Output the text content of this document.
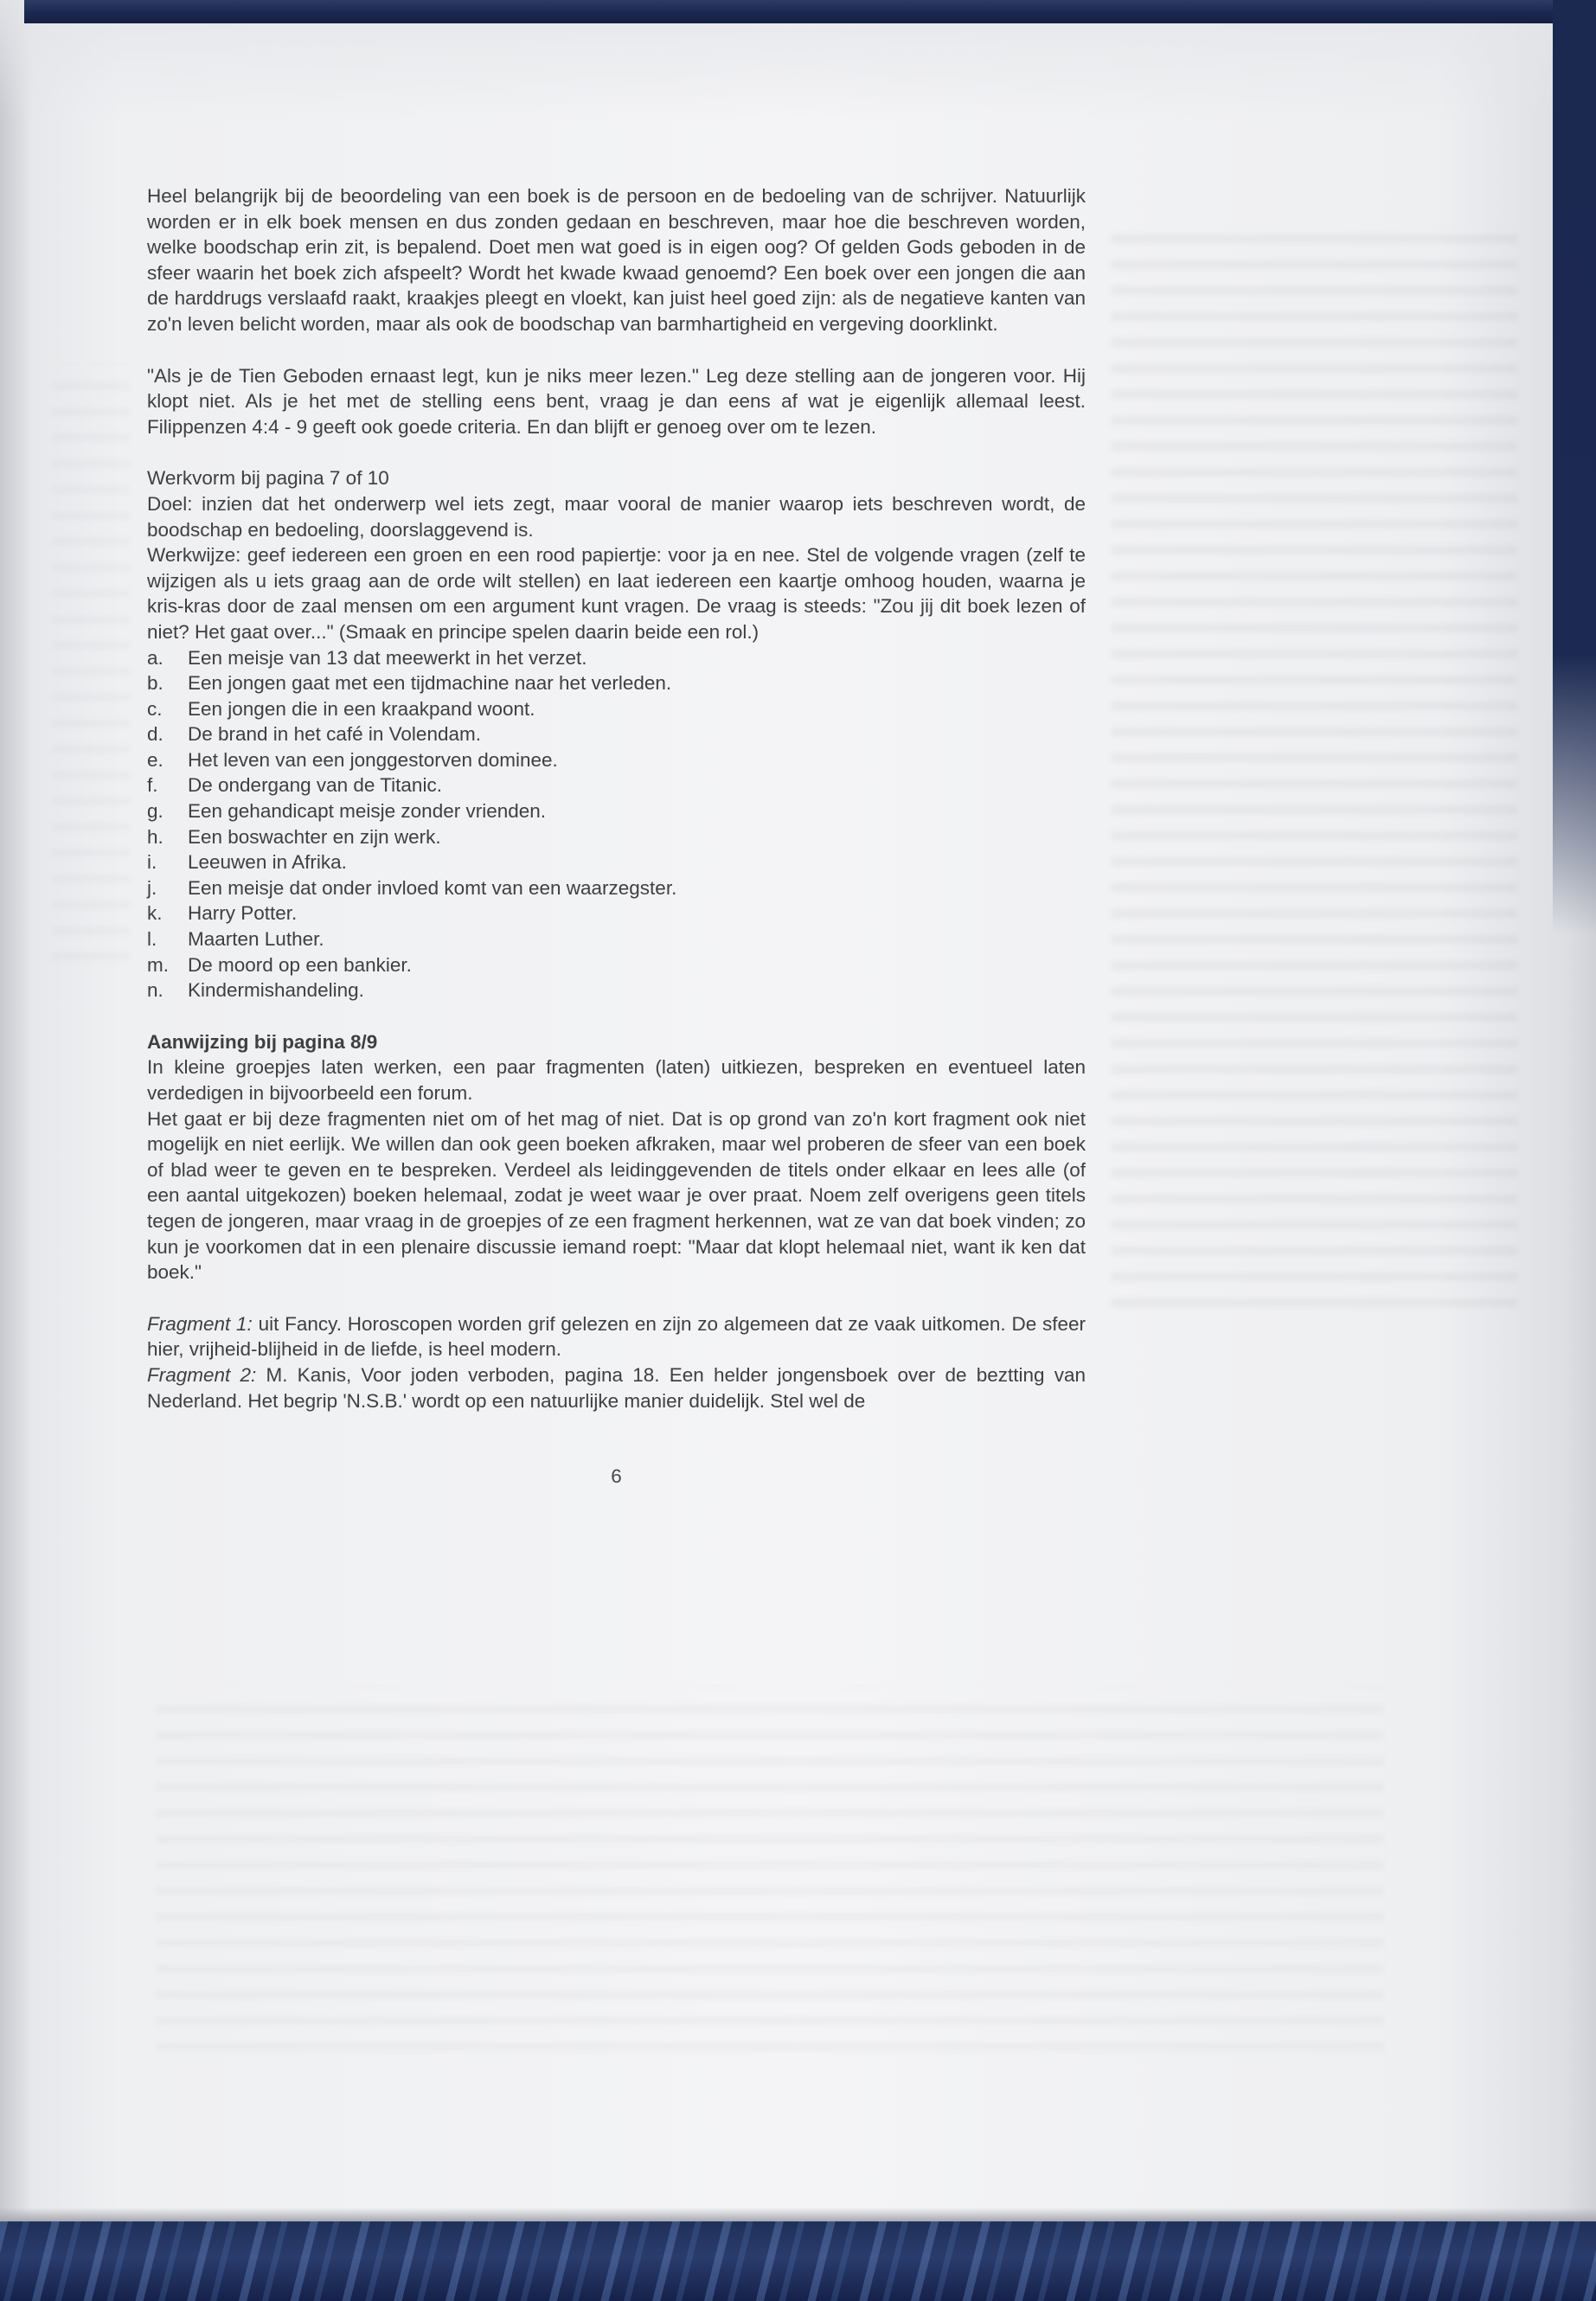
Heel belangrijk bij de beoordeling van een boek is de persoon en de bedoeling van de schrijver. Natuurlijk worden er in elk boek mensen en dus zonden gedaan en beschreven, maar hoe die beschreven worden, welke boodschap erin zit, is bepalend. Doet men wat goed is in eigen oog? Of gelden Gods geboden in de sfeer waarin het boek zich afspeelt? Wordt het kwade kwaad genoemd? Een boek over een jongen die aan de harddrugs verslaafd raakt, kraakjes pleegt en vloekt, kan juist heel goed zijn: als de negatieve kanten van zo'n leven belicht worden, maar als ook de boodschap van barmhartigheid en vergeving doorklinkt.

"Als je de Tien Geboden ernaast legt, kun je niks meer lezen." Leg deze stelling aan de jongeren voor. Hij klopt niet. Als je het met de stelling eens bent, vraag je dan eens af wat je eigenlijk allemaal leest. Filippenzen 4:4 - 9 geeft ook goede criteria. En dan blijft er genoeg over om te lezen.

Werkvorm bij pagina 7 of 10

Doel: inzien dat het onderwerp wel iets zegt, maar vooral de manier waarop iets beschreven wordt, de boodschap en bedoeling, doorslaggevend is.

Werkwijze: geef iedereen een groen en een rood papiertje: voor ja en nee. Stel de volgende vragen (zelf te wijzigen als u iets graag aan de orde wilt stellen) en laat iedereen een kaartje omhoog houden, waarna je kris-kras door de zaal mensen om een argument kunt vragen. De vraag is steeds: "Zou jij dit boek lezen of niet? Het gaat over..." (Smaak en principe spelen daarin beide een rol.)

a.	Een meisje van 13 dat meewerkt in het verzet.
b.	Een jongen gaat met een tijdmachine naar het verleden.
c.	Een jongen die in een kraakpand woont.
d.	De brand in het café in Volendam.
e.	Het leven van een jonggestorven dominee.
f.	De ondergang van de Titanic.
g.	Een gehandicapt meisje zonder vrienden.
h.	Een boswachter en zijn werk.
i.	Leeuwen in Afrika.
j.	Een meisje dat onder invloed komt van een waarzegster.
k.	Harry Potter.
l.	Maarten Luther.
m. De moord op een bankier.
n.	Kindermishandeling.

Aanwijzing bij pagina 8/9

In kleine groepjes laten werken, een paar fragmenten (laten) uitkiezen, bespreken en eventueel laten verdedigen in bijvoorbeeld een forum.

Het gaat er bij deze fragmenten niet om of het mag of niet. Dat is op grond van zo'n kort fragment ook niet mogelijk en niet eerlijk. We willen dan ook geen boeken afkraken, maar wel proberen de sfeer van een boek of blad weer te geven en te bespreken. Verdeel als leidinggevenden de titels onder elkaar en lees alle (of een aantal uitgekozen) boeken helemaal, zodat je weet waar je over praat. Noem zelf overigens geen titels tegen de jongeren, maar vraag in de groepjes of ze een fragment herkennen, wat ze van dat boek vinden; zo kun je voorkomen dat in een plenaire discussie iemand roept: "Maar dat klopt helemaal niet, want ik ken dat boek."

Fragment 1: uit Fancy. Horoscopen worden grif gelezen en zijn zo algemeen dat ze vaak uitkomen. De sfeer hier, vrijheid-blijheid in de liefde, is heel modern.

Fragment 2: M. Kanis, Voor joden verboden, pagina 18. Een helder jongensboek over de beztting van Nederland. Het begrip 'N.S.B.' wordt op een natuurlijke manier duidelijk. Stel wel de

6
